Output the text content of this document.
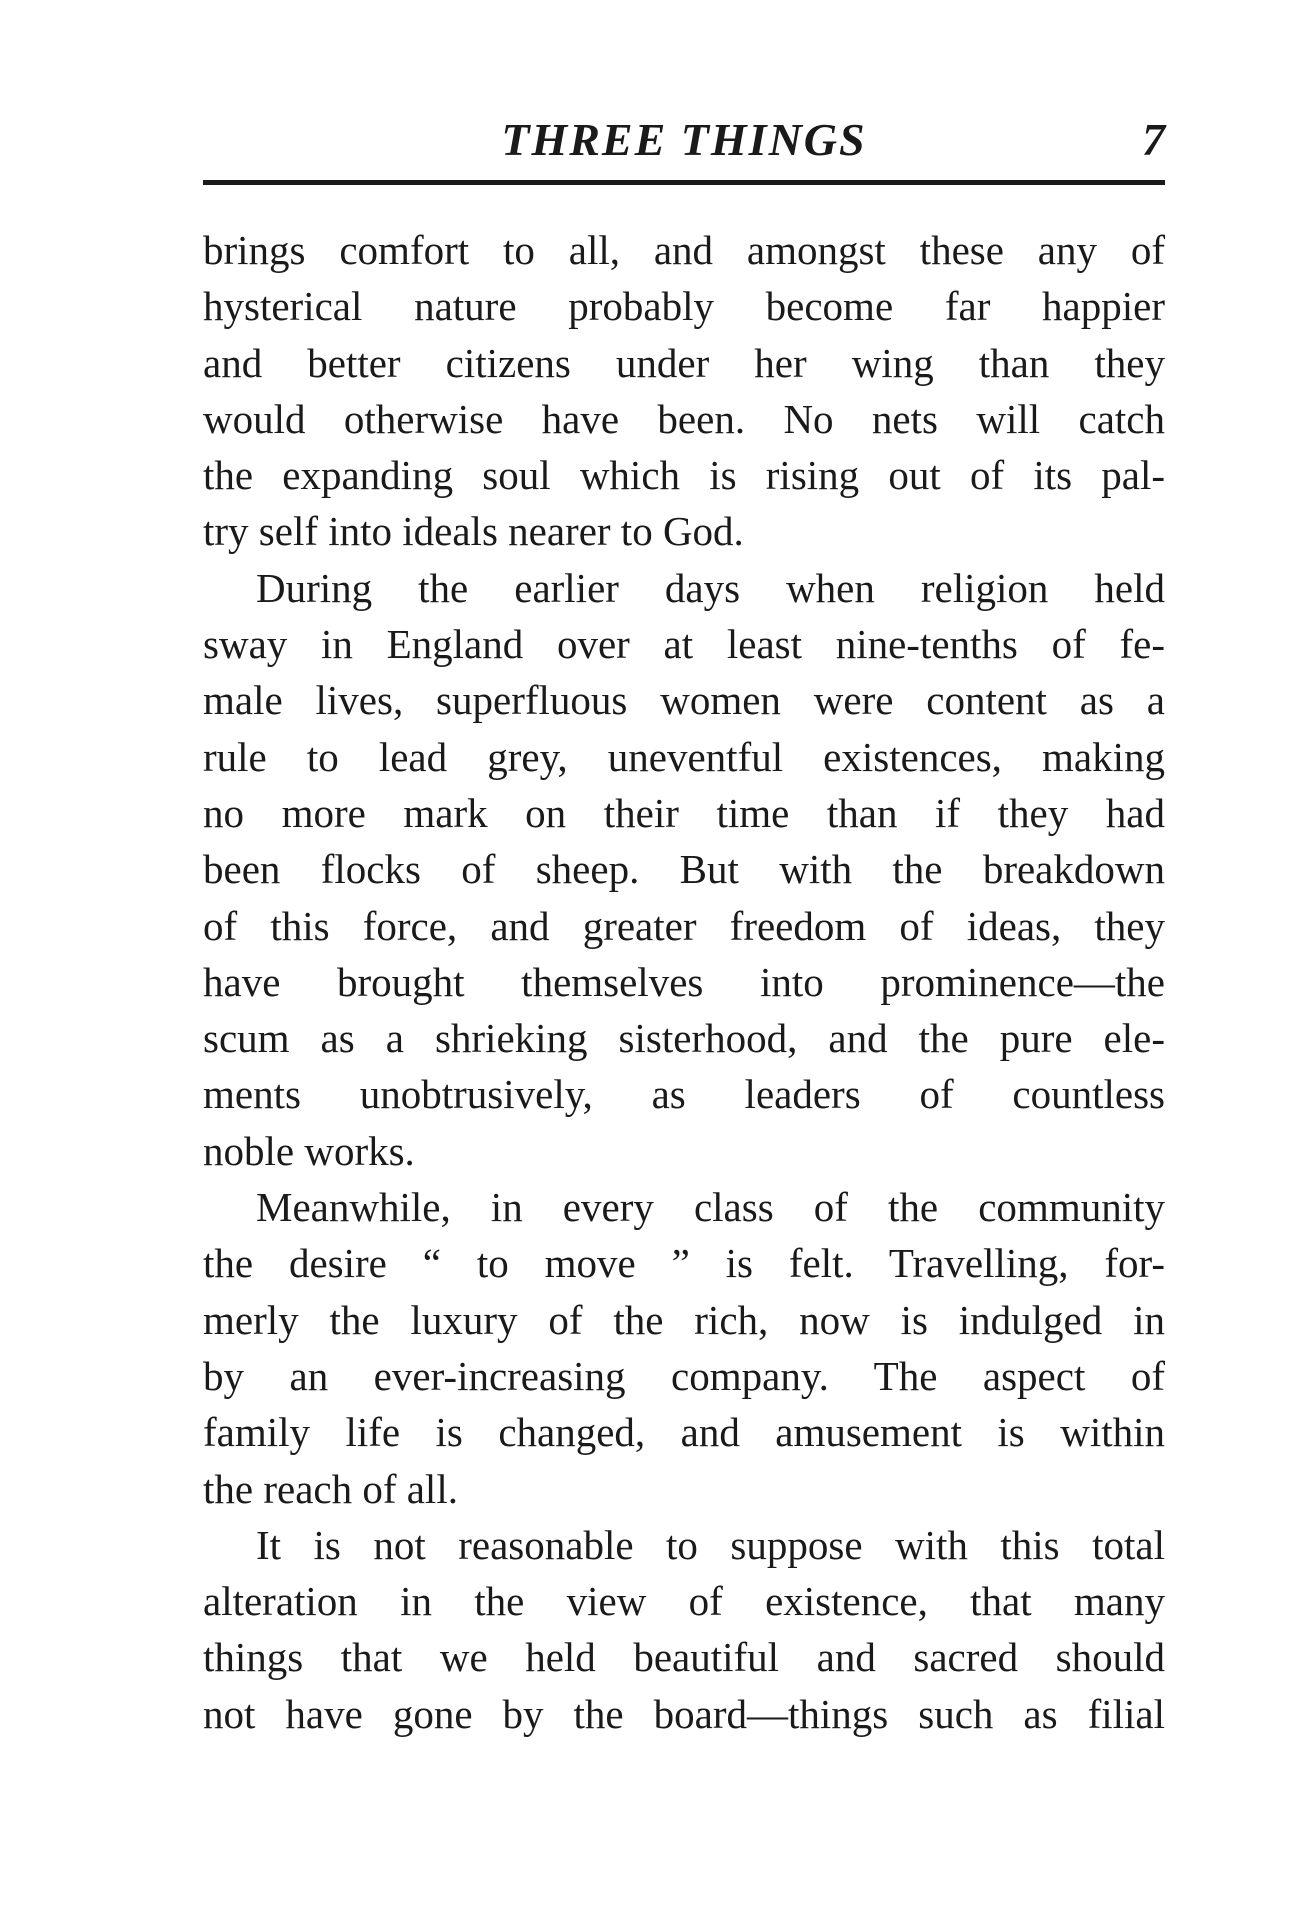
THREE THINGS	7
brings comfort to all, and amongst these any of
hysterical nature probably become far happier
and better citizens under her wing than they
would otherwise have been. No nets will catch
the expanding soul which is rising out of its pal-
try self into ideals nearer to God.
During the earlier days when religion held
sway in England over at least nine-tenths of fe-
male lives, superfluous women were content as a
rule to lead grey, uneventful existences, making
no more mark on their time than if they had
been flocks of sheep. But with the breakdown
of this force, and greater freedom of ideas, they
have brought themselves into prominence—the
scum as a shrieking sisterhood, and the pure ele-
ments unobtrusively, as leaders of countless
noble works.
Meanwhile, in every class of the community
the desire “ to move ” is felt. Travelling, for-
merly the luxury of the rich, now is indulged in
by an ever-increasing company. The aspect of
family life is changed, and amusement is within
the reach of all.
It is not reasonable to suppose with this total
alteration in the view of existence, that many
things that we held beautiful and sacred should
not have gone by the board—things such as filial
